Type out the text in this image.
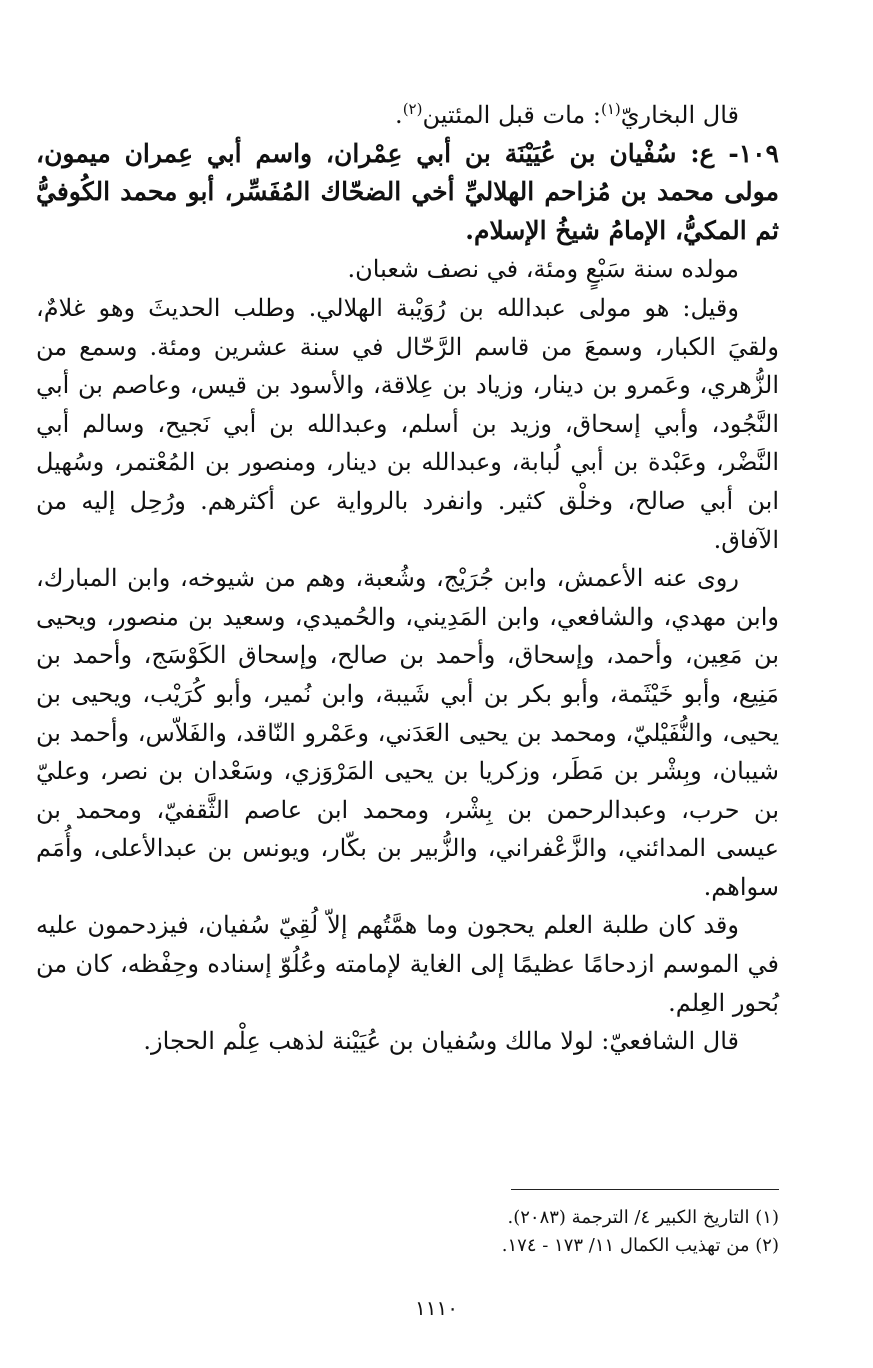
قال البخاريّ$^{(١)}$: مات قبل المئتين$^{(٢)}$.

١٠٩- ع: سُفْيان بن عُيَيْنَة بن أبي عِمْران، واسم أبي عِمران ميمون، مولى محمد بن مُزاحم الهلاليِّ أخي الضحّاك المُفَسِّر، أبو محمد الكُوفيُّ ثم المكيُّ، الإمامُ شيخُ الإسلام.

مولده سنة سَبْعٍ ومئة، في نصف شعبان.

وقيل: هو مولى عبدالله بن رُوَيْبة الهلالي. وطلب الحديثَ وهو غلامٌ، ولقيَ الكبار، وسمعَ من قاسم الرَّحّال في سنة عشرين ومئة. وسمع من الزُّهري، وعَمرو بن دينار، وزياد بن عِلاقة، والأسود بن قيس، وعاصم بن أبي النَّجُود، وأبي إسحاق، وزيد بن أسلم، وعبدالله بن أبي نَجيح، وسالم أبي النَّضْر، وعَبْدة بن أبي لُبابة، وعبدالله بن دينار، ومنصور بن المُعْتمر، وسُهيل ابن أبي صالح، وخلْق كثير. وانفرد بالرواية عن أكثرهم. ورُحِل إليه من الآفاق.

روى عنه الأعمش، وابن جُرَيْج، وشُعبة، وهم من شيوخه، وابن المبارك، وابن مهدي، والشافعي، وابن المَدِيني، والحُميدي، وسعيد بن منصور، ويحيى بن مَعِين، وأحمد، وإسحاق، وأحمد بن صالح، وإسحاق الكَوْسَج، وأحمد بن مَنِيع، وأبو خَيْثَمة، وأبو بكر بن أبي شَيبة، وابن نُمير، وأبو كُرَيْب، ويحيى بن يحيى، والنُّفَيْليّ، ومحمد بن يحيى العَدَني، وعَمْرو النّاقد، والفَلاّس، وأحمد بن شيبان، وبِشْر بن مَطَر، وزكريا بن يحيى المَرْوَزي، وسَعْدان بن نصر، وعليّ بن حرب، وعبدالرحمن بن بِشْر، ومحمد ابن عاصم الثَّقفيّ، ومحمد بن عيسى المدائني، والزَّعْفراني، والزُّبير بن بكّار، ويونس بن عبدالأعلى، وأُمَم سواهم.

وقد كان طلبة العلم يحجون وما همَّتُهم إلاّ لُقِيّ سُفيان، فيزدحمون عليه في الموسم ازدحامًا عظيمًا إلى الغاية لإمامته وعُلُوّ إسناده وحِفْظه، كان من بُحور العِلم.

قال الشافعيّ: لولا مالك وسُفيان بن عُيَيْنة لذهب عِلْم الحجاز.

(١) التاريخ الكبير ٤/ الترجمة (٢٠٨٣).
(٢) من تهذيب الكمال ١١/ ١٧٣ - ١٧٤.
١١١٠
